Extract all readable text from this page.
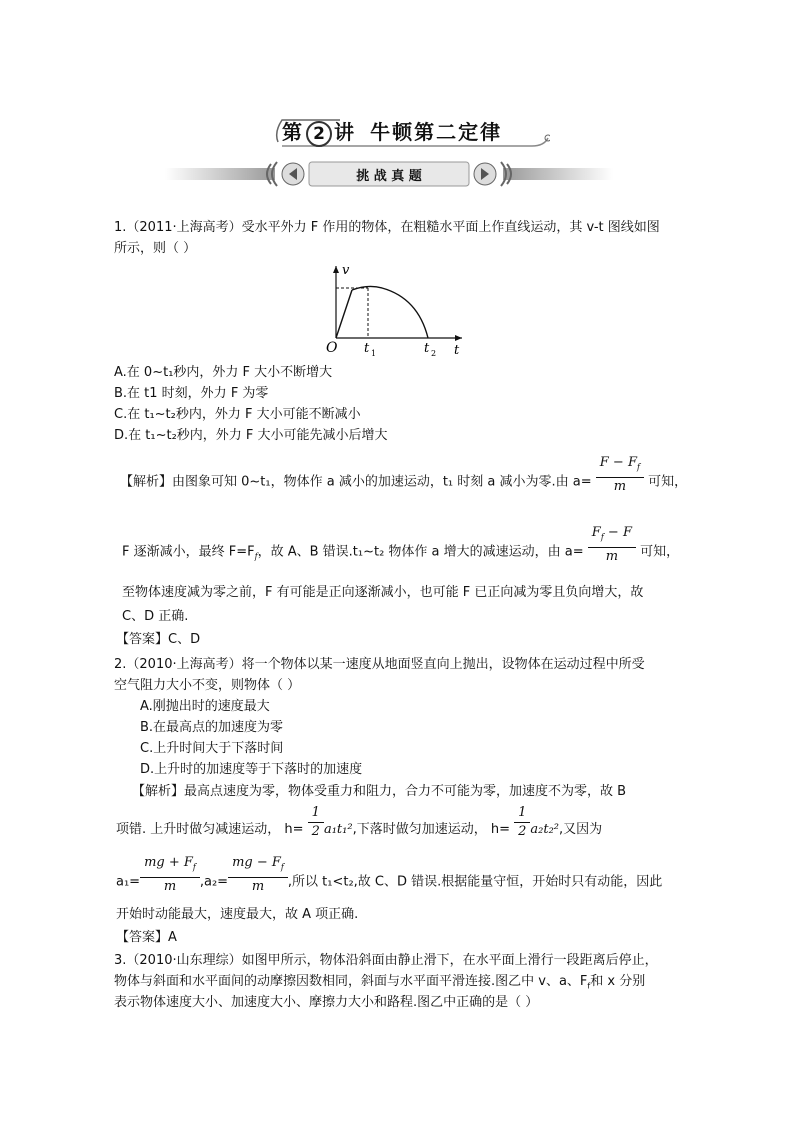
第 2 讲 牛顿第二定律
挑 战 真 题
1.（2011·上海高考）受水平外力 F 作用的物体，在粗糙水平面上作直线运动，其 v-t 图线如图
所示，则（ ）
v
t
O t 1	t 2
A.在 0~t₁秒内，外力 F 大小不断增大
B.在 t1 时刻，外力 F 为零
C.在 t₁~t₂秒内，外力 F 大小可能不断减小
D.在 t₁~t₂秒内，外力 F 大小可能先减小后增大
【解析】由图象可知 0~t₁，物体作 a 减小的加速运动，t₁ 时刻 a 减小为零.由 $a= \frac{F - F_f}{m}$ 可知，
F 逐渐减小，最终 $F=F_f$，故 A、B 错误.t₁~t₂ 物体作 a 增大的减速运动，由 $a= \frac{F_f - F}{m}$ 可知，
至物体速度减为零之前，F 有可能是正向逐渐减小，也可能 F 已正向减为零且负向增大，故
C、D 正确.
【答案】C、D
2.（2010·上海高考）将一个物体以某一速度从地面竖直向上抛出，设物体在运动过程中所受
空气阻力大小不变，则物体（ ）
A.刚抛出时的速度最大
B.在最高点的加速度为零
C.上升时间大于下落时间
D.上升时的加速度等于下落时的加速度
【解析】最高点速度为零，物体受重力和阻力，合力不可能为零，加速度不为零，故 B
项错. 上升时做匀减速运动， $h= \frac{1}{2} a_1t_1^2$,下落时做匀加速运动， $h= \frac{1}{2} a_2t_2^2$,又因为
$a_1= \frac{mg + F_f}{m} ,a_2= \frac{mg - F_f}{m}$ ,所以 t₁<t₂,故 C、D 错误.根据能量守恒，开始时只有动能，因此
开始时动能最大，速度最大，故 A 项正确.
【答案】A
3.（2010·山东理综）如图甲所示，物体沿斜面由静止滑下，在水平面上滑行一段距离后停止，
物体与斜面和水平面间的动摩擦因数相同，斜面与水平面平滑连接.图乙中 v、a、$F_f$和 x 分别
表示物体速度大小、加速度大小、摩擦力大小和路程.图乙中正确的是（ ）
